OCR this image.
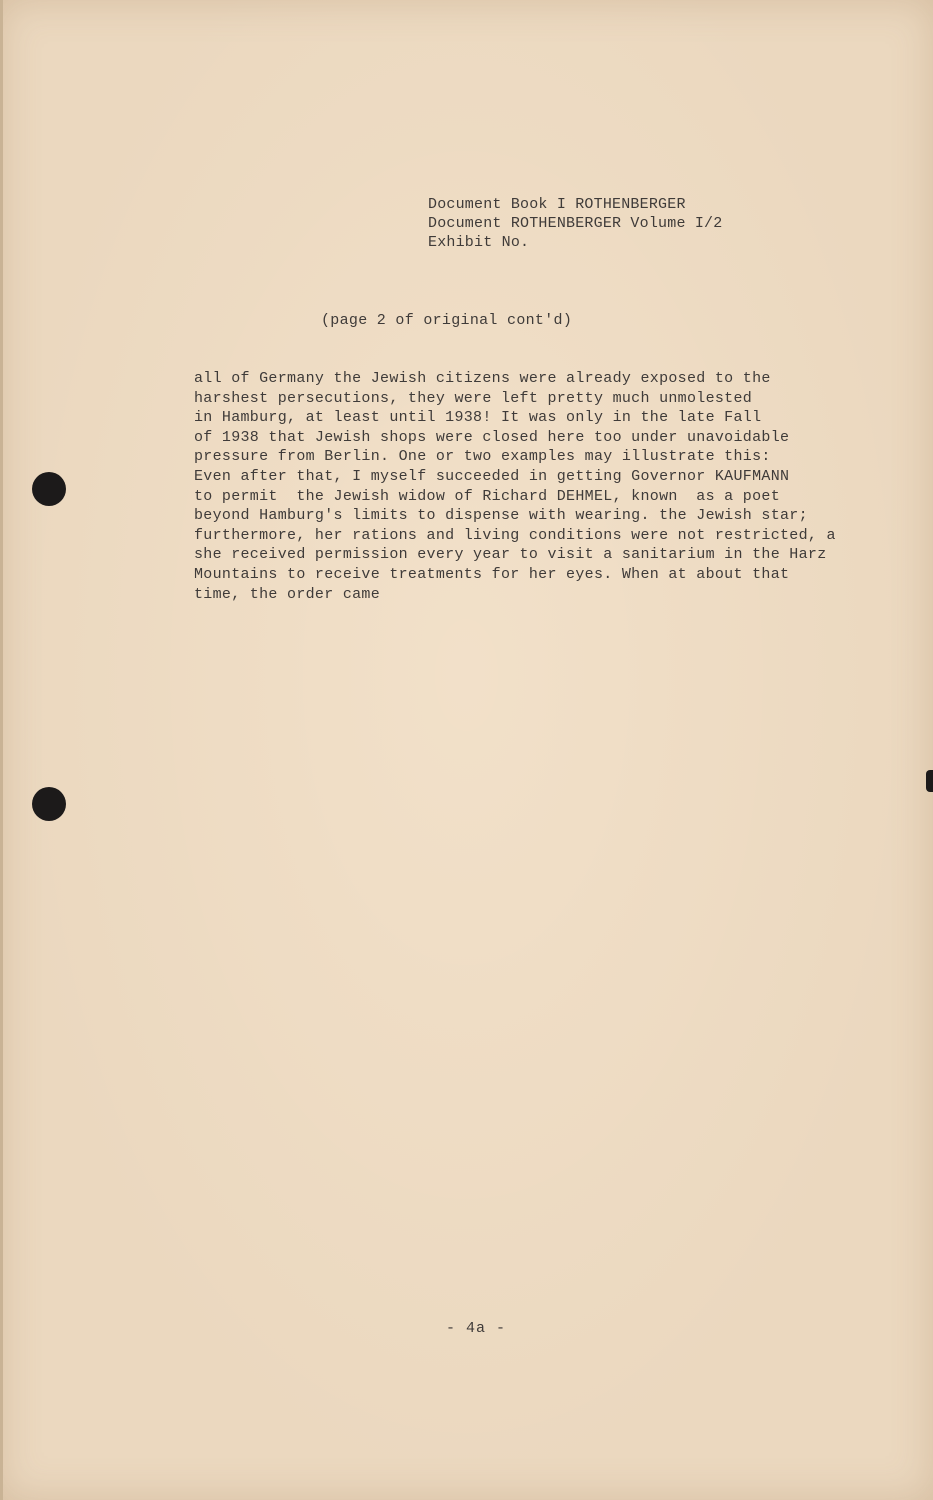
Document Book I ROTHENBERGER
Document ROTHENBERGER Volume I/2
Exhibit No.
(page 2 of original cont'd)
all of Germany the Jewish citizens were already exposed to the
harshest persecutions, they were left pretty much unmolested
in Hamburg, at least until 1938! It was only in the late Fall
of 1938 that Jewish shops were closed here too under unavoidable
pressure from Berlin. One or two examples may illustrate this:
Even after that, I myself succeeded in getting Governor KAUFMANN
to permit  the Jewish widow of Richard DEHMEL, known  as a poet
beyond Hamburg's limits to dispense with wearing. the Jewish star;
furthermore, her rations and living conditions were not restricted, a
she received permission every year to visit a sanitarium in the Harz
Mountains to receive treatments for her eyes. When at about that
time, the order came
- 4a -
